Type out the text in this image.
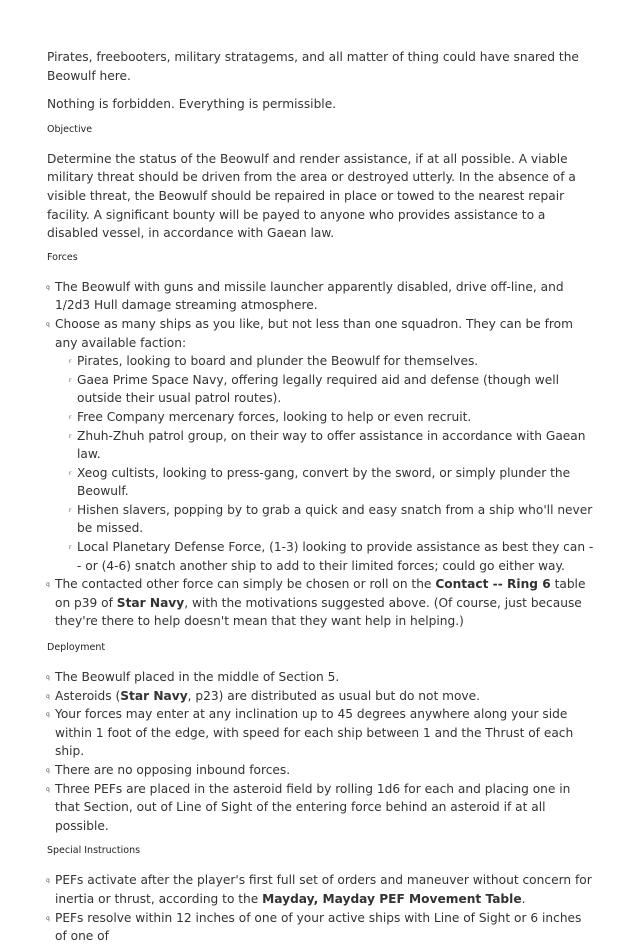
Pirates, freebooters, military stratagems, and all matter of thing could have snared the Beowulf here.

Nothing is forbidden. Everything is permissible.

Objective

Determine the status of the Beowulf and render assistance, if at all possible. A viable military threat should be driven from the area or destroyed utterly. In the absence of a visible threat, the Beowulf should be repaired in place or towed to the nearest repair facility. A significant bounty will be payed to anyone who provides assistance to a disabled vessel, in accordance with Gaean law.

Forces

q The Beowulf with guns and missile launcher apparently disabled, drive off-line, and 1/2d3 Hull damage streaming atmosphere.
q Choose as many ships as you like, but not less than one squadron. They can be from any available faction:
r Pirates, looking to board and plunder the Beowulf for themselves.
r Gaea Prime Space Navy, offering legally required aid and defense (though well outside their usual patrol routes).
r Free Company mercenary forces, looking to help or even recruit.
r Zhuh-Zhuh patrol group, on their way to offer assistance in accordance with Gaean law.
r Xeog cultists, looking to press-gang, convert by the sword, or simply plunder the Beowulf.
r Hishen slavers, popping by to grab a quick and easy snatch from a ship who'll never be missed.
r Local Planetary Defense Force, (1-3) looking to provide assistance as best they can -- or (4-6) snatch another ship to add to their limited forces; could go either way.
q The contacted other force can simply be chosen or roll on the Contact -- Ring 6 table on p39 of Star Navy, with the motivations suggested above. (Of course, just because they're there to help doesn't mean that they want help in helping.)

Deployment

q The Beowulf placed in the middle of Section 5.
q Asteroids (Star Navy, p23) are distributed as usual but do not move.
q Your forces may enter at any inclination up to 45 degrees anywhere along your side within 1 foot of the edge, with speed for each ship between 1 and the Thrust of each ship.
q There are no opposing inbound forces.
q Three PEFs are placed in the asteroid field by rolling 1d6 for each and placing one in that Section, out of Line of Sight of the entering force behind an asteroid if at all possible.

Special Instructions

q PEFs activate after the player's first full set of orders and maneuver without concern for inertia or thrust, according to the Mayday, Mayday PEF Movement Table.
q PEFs resolve within 12 inches of one of your active ships with Line of Sight or 6 inches of one of
